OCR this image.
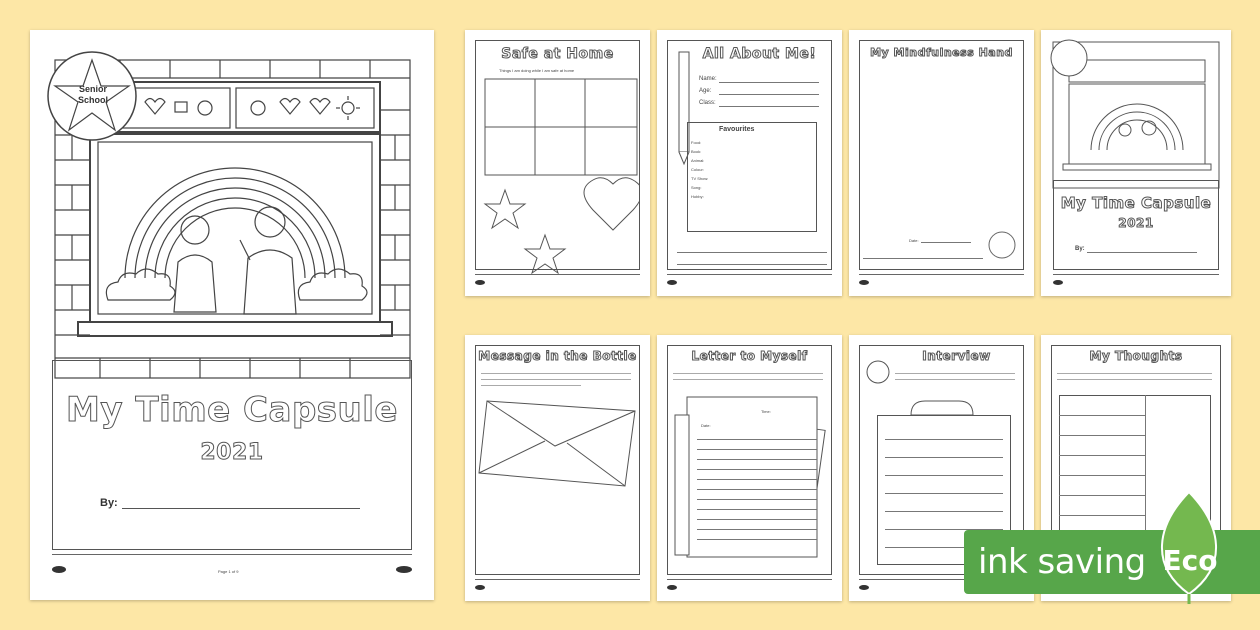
Senior School
My Time Capsule
2021
By:
Page 1 of 9
Safe at Home
Things I am doing while I am safe at home
All About Me!
Name:
Age:
Class:
Favourites
Food:
Book:
Animal:
Colour:
TV Show:
Song:
Hobby:
My Mindfulness Hand
Date:
My Time Capsule
2021
By:
Message in the Bottle	Letter to Myself
Date:
Time:
Interview	My Thoughts
ink saving Eco
